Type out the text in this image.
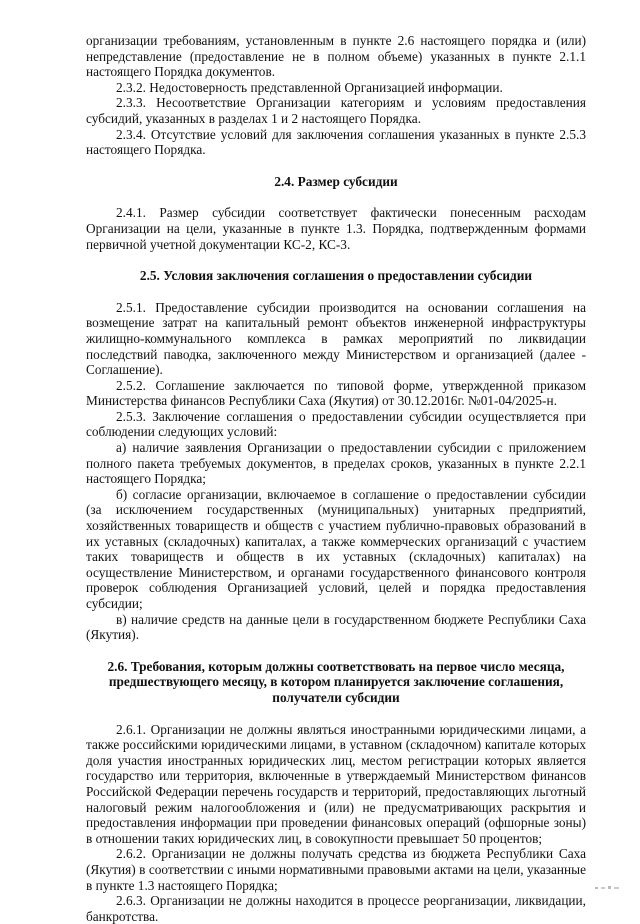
организации требованиям, установленным в пункте 2.6 настоящего порядка и (или) непредставление (предоставление не в полном объеме) указанных в пункте 2.1.1 настоящего Порядка документов.

2.3.2. Недостоверность представленной Организацией информации.

2.3.3. Несоответствие Организации категориям и условиям предоставления субсидий, указанных в разделах 1 и 2 настоящего Порядка.

2.3.4. Отсутствие условий для заключения соглашения указанных в пункте 2.5.3 настоящего Порядка.

2.4. Размер субсидии

2.4.1. Размер субсидии соответствует фактически понесенным расходам Организации на цели, указанные в пункте 1.3. Порядка, подтвержденным формами первичной учетной документации КС-2, КС-3.

2.5. Условия заключения соглашения о предоставлении субсидии

2.5.1. Предоставление субсидии производится на основании соглашения на возмещение затрат на капитальный ремонт объектов инженерной инфраструктуры жилищно-коммунального комплекса в рамках мероприятий по ликвидации последствий паводка, заключенного между Министерством и организацией (далее - Соглашение).

2.5.2. Соглашение заключается по типовой форме, утвержденной приказом Министерства финансов Республики Саха (Якутия) от 30.12.2016г. №01-04/2025-н.

2.5.3. Заключение соглашения о предоставлении субсидии осуществляется при соблюдении следующих условий:

а) наличие заявления Организации о предоставлении субсидии с приложением полного пакета требуемых документов, в пределах сроков, указанных в пункте 2.2.1 настоящего Порядка;

б) согласие организации, включаемое в соглашение о предоставлении субсидии (за исключением государственных (муниципальных) унитарных предприятий, хозяйственных товариществ и обществ с участием публично-правовых образований в их уставных (складочных) капиталах, а также коммерческих организаций с участием таких товариществ и обществ в их уставных (складочных) капиталах) на осуществление Министерством, и органами государственного финансового контроля проверок соблюдения Организацией условий, целей и порядка предоставления субсидии;

в) наличие средств на данные цели в государственном бюджете Республики Саха (Якутия).

2.6. Требования, которым должны соответствовать на первое число месяца,
предшествующего месяцу, в котором планируется заключение соглашения,
получатели субсидии

2.6.1. Организации не должны являться иностранными юридическими лицами, а также российскими юридическими лицами, в уставном (складочном) капитале которых доля участия иностранных юридических лиц, местом регистрации которых является государство или территория, включенные в утверждаемый Министерством финансов Российской Федерации перечень государств и территорий, предоставляющих льготный налоговый режим налогообложения и (или) не предусматривающих раскрытия и предоставления информации при проведении финансовых операций (офшорные зоны) в отношении таких юридических лиц, в совокупности превышает 50 процентов;

2.6.2. Организации не должны получать средства из бюджета Республики Саха (Якутия) в соответствии с иными нормативными правовыми актами на цели, указанные в пункте 1.3 настоящего Порядка;

2.6.3. Организации не должны находится в процессе реорганизации, ликвидации, банкротства.
